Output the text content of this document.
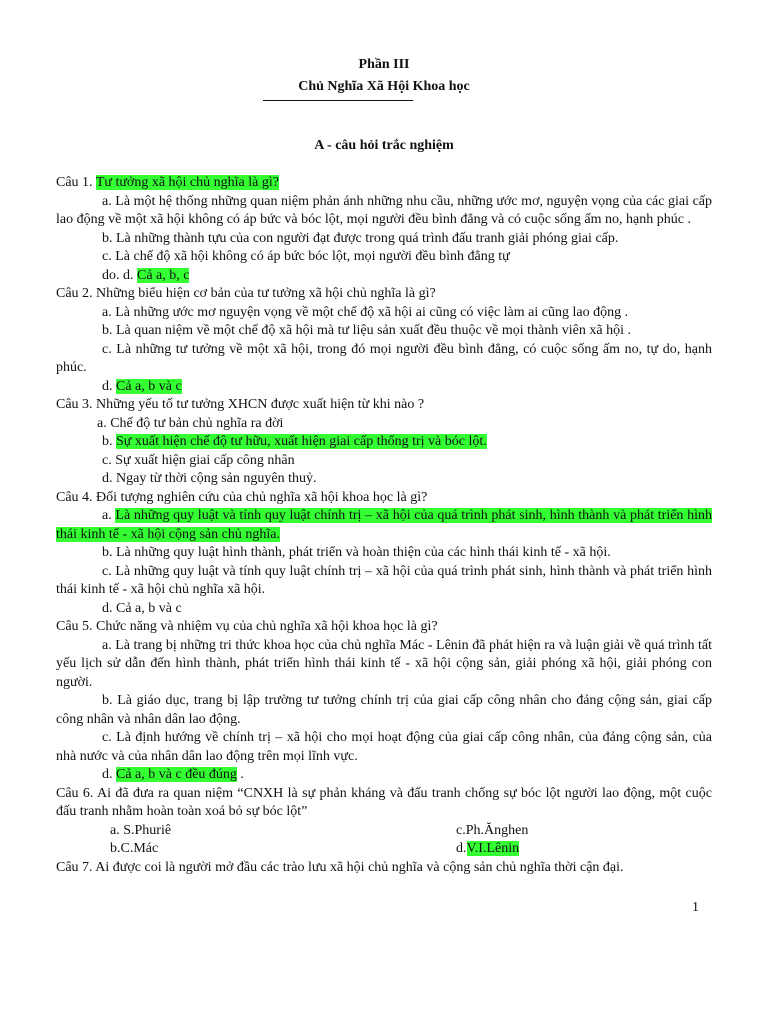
Phần III
Chủ Nghĩa Xã Hội Khoa học
A - câu hỏi trắc nghiệm

Câu 1. Tư tưởng xã hội chủ nghĩa là gì?

a. Là một hệ thống những quan niệm phản ánh những nhu cầu, những ước mơ, nguyện vọng của các giai cấp lao động về một xã hội không có áp bức và bóc lột, mọi người đều bình đẳng và có cuộc sống ấm no, hạnh phúc .

b. Là những thành tựu của con người đạt được trong quá trình đấu tranh giải phóng giai cấp.

c. Là chế độ xã hội không có áp bức bóc lột, mọi người đều bình đẳng tự

do. d. Cả a, b, c

Câu 2. Những biểu hiện cơ bản của tư tưởng xã hội chủ nghĩa là gì?

a. Là những ước mơ nguyện vọng về một chế độ xã hội ai cũng có việc làm ai cũng lao động .

b. Là quan niệm về một chế độ xã hội mà tư liệu sản xuất đều thuộc về mọi thành viên xã hội .

c. Là những tư tưởng về một xã hội, trong đó mọi người đều bình đẳng, có cuộc sống ấm no, tự do, hạnh phúc.

d. Cả a, b và c

Câu 3. Những yếu tố tư tưởng XHCN được xuất hiện từ khi nào ?

a. Chế độ tư bản chủ nghĩa ra đời

b. Sự xuất hiện chế độ tư hữu, xuất hiện giai cấp thống trị và bóc lột.

c. Sự xuất hiện giai cấp công nhân

d. Ngay từ thời cộng sản nguyên thuỷ.

Câu 4. Đối tượng nghiên cứu của chủ nghĩa xã hội khoa học là gì?

a. Là những quy luật và tính quy luật chính trị – xã hội của quá trình phát sinh, hình thành và phát triển hình thái kinh tế - xã hội cộng sản chủ nghĩa.

b. Là những quy luật hình thành, phát triển và hoàn thiện của các hình thái kinh tế - xã hội.

c. Là những quy luật và tính quy luật chính trị – xã hội của quá trình phát sinh, hình thành và phát triển hình thái kinh tế - xã hội chủ nghĩa xã hội.

d. Cả a, b và c

Câu 5. Chức năng và nhiệm vụ của chủ nghĩa xã hội khoa học là gì?

a. Là trang bị những tri thức khoa học của chủ nghĩa Mác - Lênin đã phát hiện ra và luận giải về quá trình tất yếu lịch sử dẫn đến hình thành, phát triển hình thái kinh tế - xã hội cộng sản, giải phóng xã hội, giải phóng con người.

b. Là giáo dục, trang bị lập trường tư tưởng chính trị của giai cấp công nhân cho đảng cộng sản, giai cấp công nhân và nhân dân lao động.

c. Là định hướng về chính trị – xã hội cho mọi hoạt động của giai cấp công nhân, của đảng cộng sản, của nhà nước và của nhân dân lao động trên mọi lĩnh vực.

d. Cả a, b và c đều đúng .

Câu 6. Ai đã đưa ra quan niệm “CNXH là sự phản kháng và đấu tranh chống sự bóc lột người lao động, một cuộc đấu tranh nhằm hoàn toàn xoá bỏ sự bóc lột”

a. S.Phuriê	c.Ph.Ănghen
b.C.Mác	d.V.I.Lênin

Câu 7. Ai được coi là người mở đầu các trào lưu xã hội chủ nghĩa và cộng sản chủ nghĩa thời cận đại.

1
